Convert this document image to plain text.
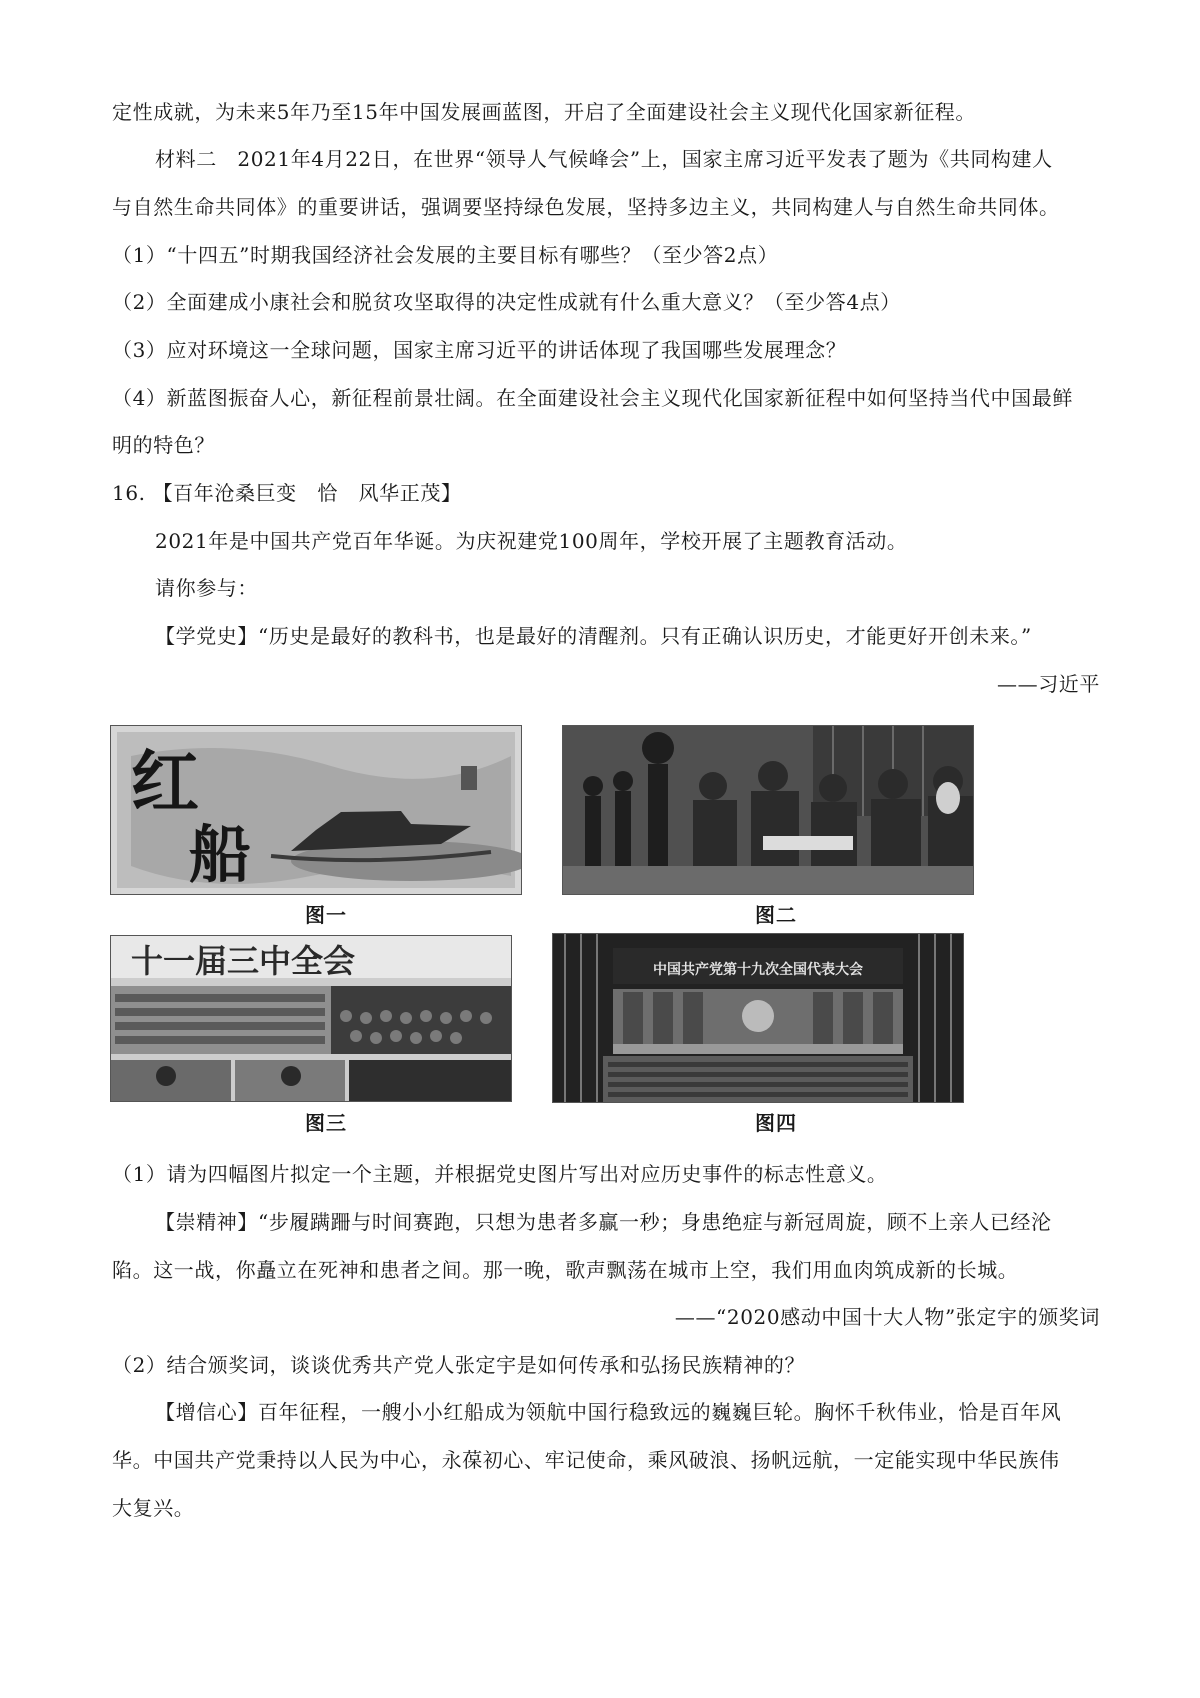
定性成就，为未来5年乃至15年中国发展画蓝图，开启了全面建设社会主义现代化国家新征程。
材料二　2021年4月22日，在世界“领导人气候峰会”上，国家主席习近平发表了题为《共同构建人
与自然生命共同体》的重要讲话，强调要坚持绿色发展，坚持多边主义，共同构建人与自然生命共同体。
（1）“十四五”时期我国经济社会发展的主要目标有哪些？（至少答2点）
（2）全面建成小康社会和脱贫攻坚取得的决定性成就有什么重大意义？（至少答4点）
（3）应对环境这一全球问题，国家主席习近平的讲话体现了我国哪些发展理念？
（4）新蓝图振奋人心，新征程前景壮阔。在全面建设社会主义现代化国家新征程中如何坚持当代中国最鲜
明的特色？
16. 【百年沧桑巨变　恰　风华正茂】
2021年是中国共产党百年华诞。为庆祝建党100周年，学校开展了主题教育活动。
请你参与：
【学党史】“历史是最好的教科书，也是最好的清醒剂。只有正确认识历史，才能更好开创未来。”
——习近平
红
船
图一	图二
十一届三中全会
图三
中国共产党第十九次全国代表大会
图四
（1）请为四幅图片拟定一个主题，并根据党史图片写出对应历史事件的标志性意义。
【崇精神】“步履蹒跚与时间赛跑，只想为患者多赢一秒；身患绝症与新冠周旋，顾不上亲人已经沦
陷。这一战，你矗立在死神和患者之间。那一晚，歌声飘荡在城市上空，我们用血肉筑成新的长城。
——“2020感动中国十大人物”张定宇的颁奖词
（2）结合颁奖词，谈谈优秀共产党人张定宇是如何传承和弘扬民族精神的？
【增信心】百年征程，一艘小小红船成为领航中国行稳致远的巍巍巨轮。胸怀千秋伟业，恰是百年风
华。中国共产党秉持以人民为中心，永葆初心、牢记使命，乘风破浪、扬帆远航，一定能实现中华民族伟
大复兴。
